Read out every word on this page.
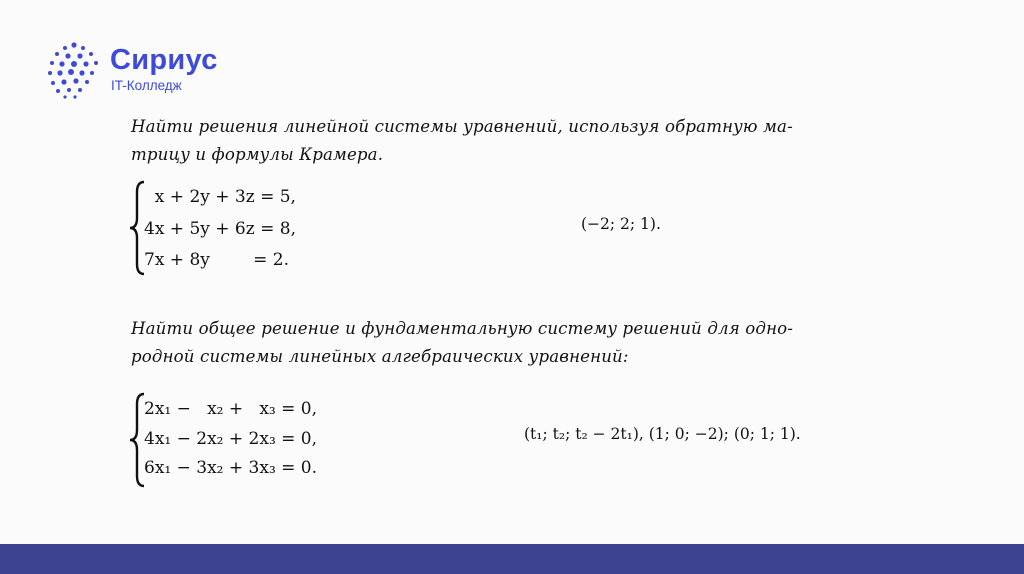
Сириус
IT-Колледж
Найти решения линейной системы уравнений, используя обратную ма-
трицу и формулы Крамера.
x + 2y + 3z = 5,
4x + 5y + 6z = 8,
7x + 8y        = 2.
(−2; 2; 1).
Найти общее решение и фундаментальную систему решений для одно-
родной системы линейных алгебраических уравнений:
2x₁ −   x₂ +   x₃ = 0,
4x₁ − 2x₂ + 2x₃ = 0,
6x₁ − 3x₂ + 3x₃ = 0.
(t₁; t₂; t₂ − 2t₁), (1; 0; −2); (0; 1; 1).
